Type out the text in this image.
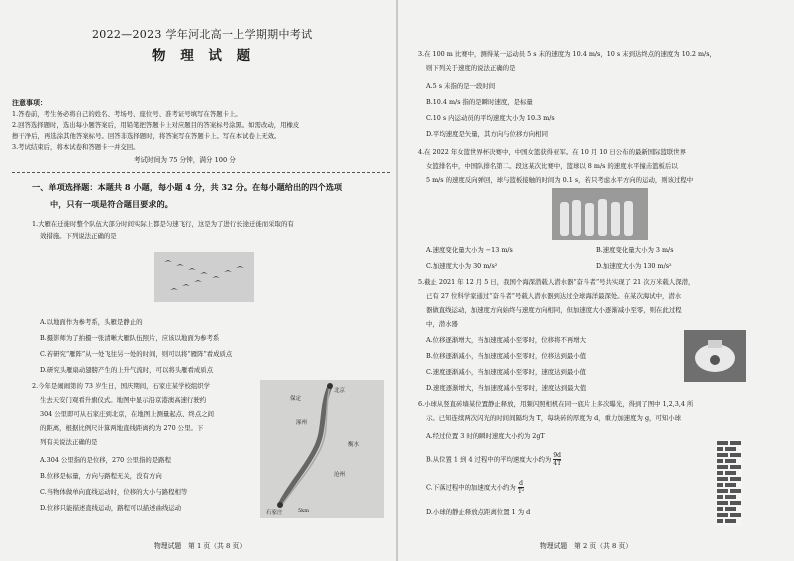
2022—2023 学年河北高一上学期期中考试
物 理 试 题
注意事项：
1.答卷前，考生务必将自己的姓名、考场号、座位号、准考证号填写在答题卡上。
2.回答选择题时，选出每小题答案后，用铅笔把答题卡上对应题目的答案标号涂黑。如需改动，用橡皮
擦干净后，再选涂其他答案标号。回答非选择题时，将答案写在答题卡上。写在本试卷上无效。
3.考试结束后，将本试卷和答题卡一并交回。
考试时间为 75 分钟，满分 100 分
一、单项选择题：本题共 8 小题，每小题 4 分，共 32 分。在每小题给出的四个选项
中，只有一项是符合题目要求的。
1.大雁在迁徙时整个队伍大部分时间实际上都是匀速飞行，这是为了进行长途迁徙而采取的有
效措施。下列说法正确的是
A.以地面作为参考系，头雁是静止的
B.摄影师为了拍摄一张清晰大雁队伍照片，应该以地面为参考系
C.若研究“雁阵”从一处飞往另一处的时间，则可以将“雁阵”看成质点
D.研究头雁扇动翅膀产生的上升气流时，可以将头雁看成质点
2.今年是闹闹第的 73 岁生日，国庆期间，石家庄某学校组织学
生去天安门观看升旗仪式。地图中显示沿京港澳高速行驶约
304 公里即可从石家庄到北京，在地图上测量起点、终点之间
的距离，根据比例尺计算两地直线距离约为 270 公里。下
列有关说法正确的是
A.304 公里指的是位移，270 公里指的是路程
B.位移是标量，方向与路程无关，没有方向
C.当物体做单向直线运动时，位移的大小与路程相等
D.位移只能描述直线运动，路程可以描述曲线运动
北京
保定
涿州
石家庄
衡水
沧州
5km
物理试题　第 1 页（共 8 页）
3.在 100 m 比赛中，测得某一运动员 5 s 末的速度为 10.4 m/s，10 s 末到达终点的速度为 10.2 m/s，
则下列关于速度的说法正确的是
A.5 s 末指的是一段时间
B.10.4 m/s 指的是瞬时速度，是标量
C.10 s 内运动员的平均速度大小为 10.3 m/s
D.平均速度是矢量，其方向与位移方向相同
4.在 2022 年女篮世界杯决赛中，中国女篮获得亚军。在 10 月 10 日公布的最新国际篮联世界
女篮排名中，中国队排名第二。段这某次比赛中，篮球以 8 m/s 的速度水平撞击篮板后以
5 m/s 的速度反向弹回，球与篮板接触的时间为 0.1 s，若只考虑水平方向的运动，则该过程中
A.速度变化量大小为 −13 m/s	B.速度变化量大小为 3 m/s
C.加速度大小为 30 m/s²	D.加速度大小为 130 m/s²
5.截止 2021 年 12 月 5 日，我国个海深潜载人潜水器“奋斗者”号共实现了 21 次万米载人深潜，
已有 27 位科学家通过“奋斗者”号载人潜水器到达过全球海洋最深处。在某次海试中，潜水
器做直线运动，加速度方向始终与速度方向相同，但加速度大小逐渐减小至零，则在此过程
中，潜水器
A.位移逐渐增大，当加速度减小至零时，位移将不再增大
B.位移逐渐减小，当加速度减小至零时，位移达到最小值
C.速度逐渐减小，当加速度减小至零时，速度达到最小值
D.速度逐渐增大，当加速度减小至零时，速度达到最大值
6.小球从竖直砖墙某位置静止释放，用频闪照相机在同一底片上多次曝光，得到了图中 1,2,3,4 所
示。已知连续两次闪光的时间间隔均为 T，每块砖的厚度为 d，重力加速度为 g，可知小球
A.经过位置 3 时的瞬时速度大小约为 2gT
B.从位置 1 到 4 过程中的平均速度大小约为 $\frac{9d}{4T}$
C.下落过程中的加速度大小约为 $\frac{d}{\text{T²}}$
D.小球的静止释放点距离位置 1 为 d
物理试题　第 2 页（共 8 页）
